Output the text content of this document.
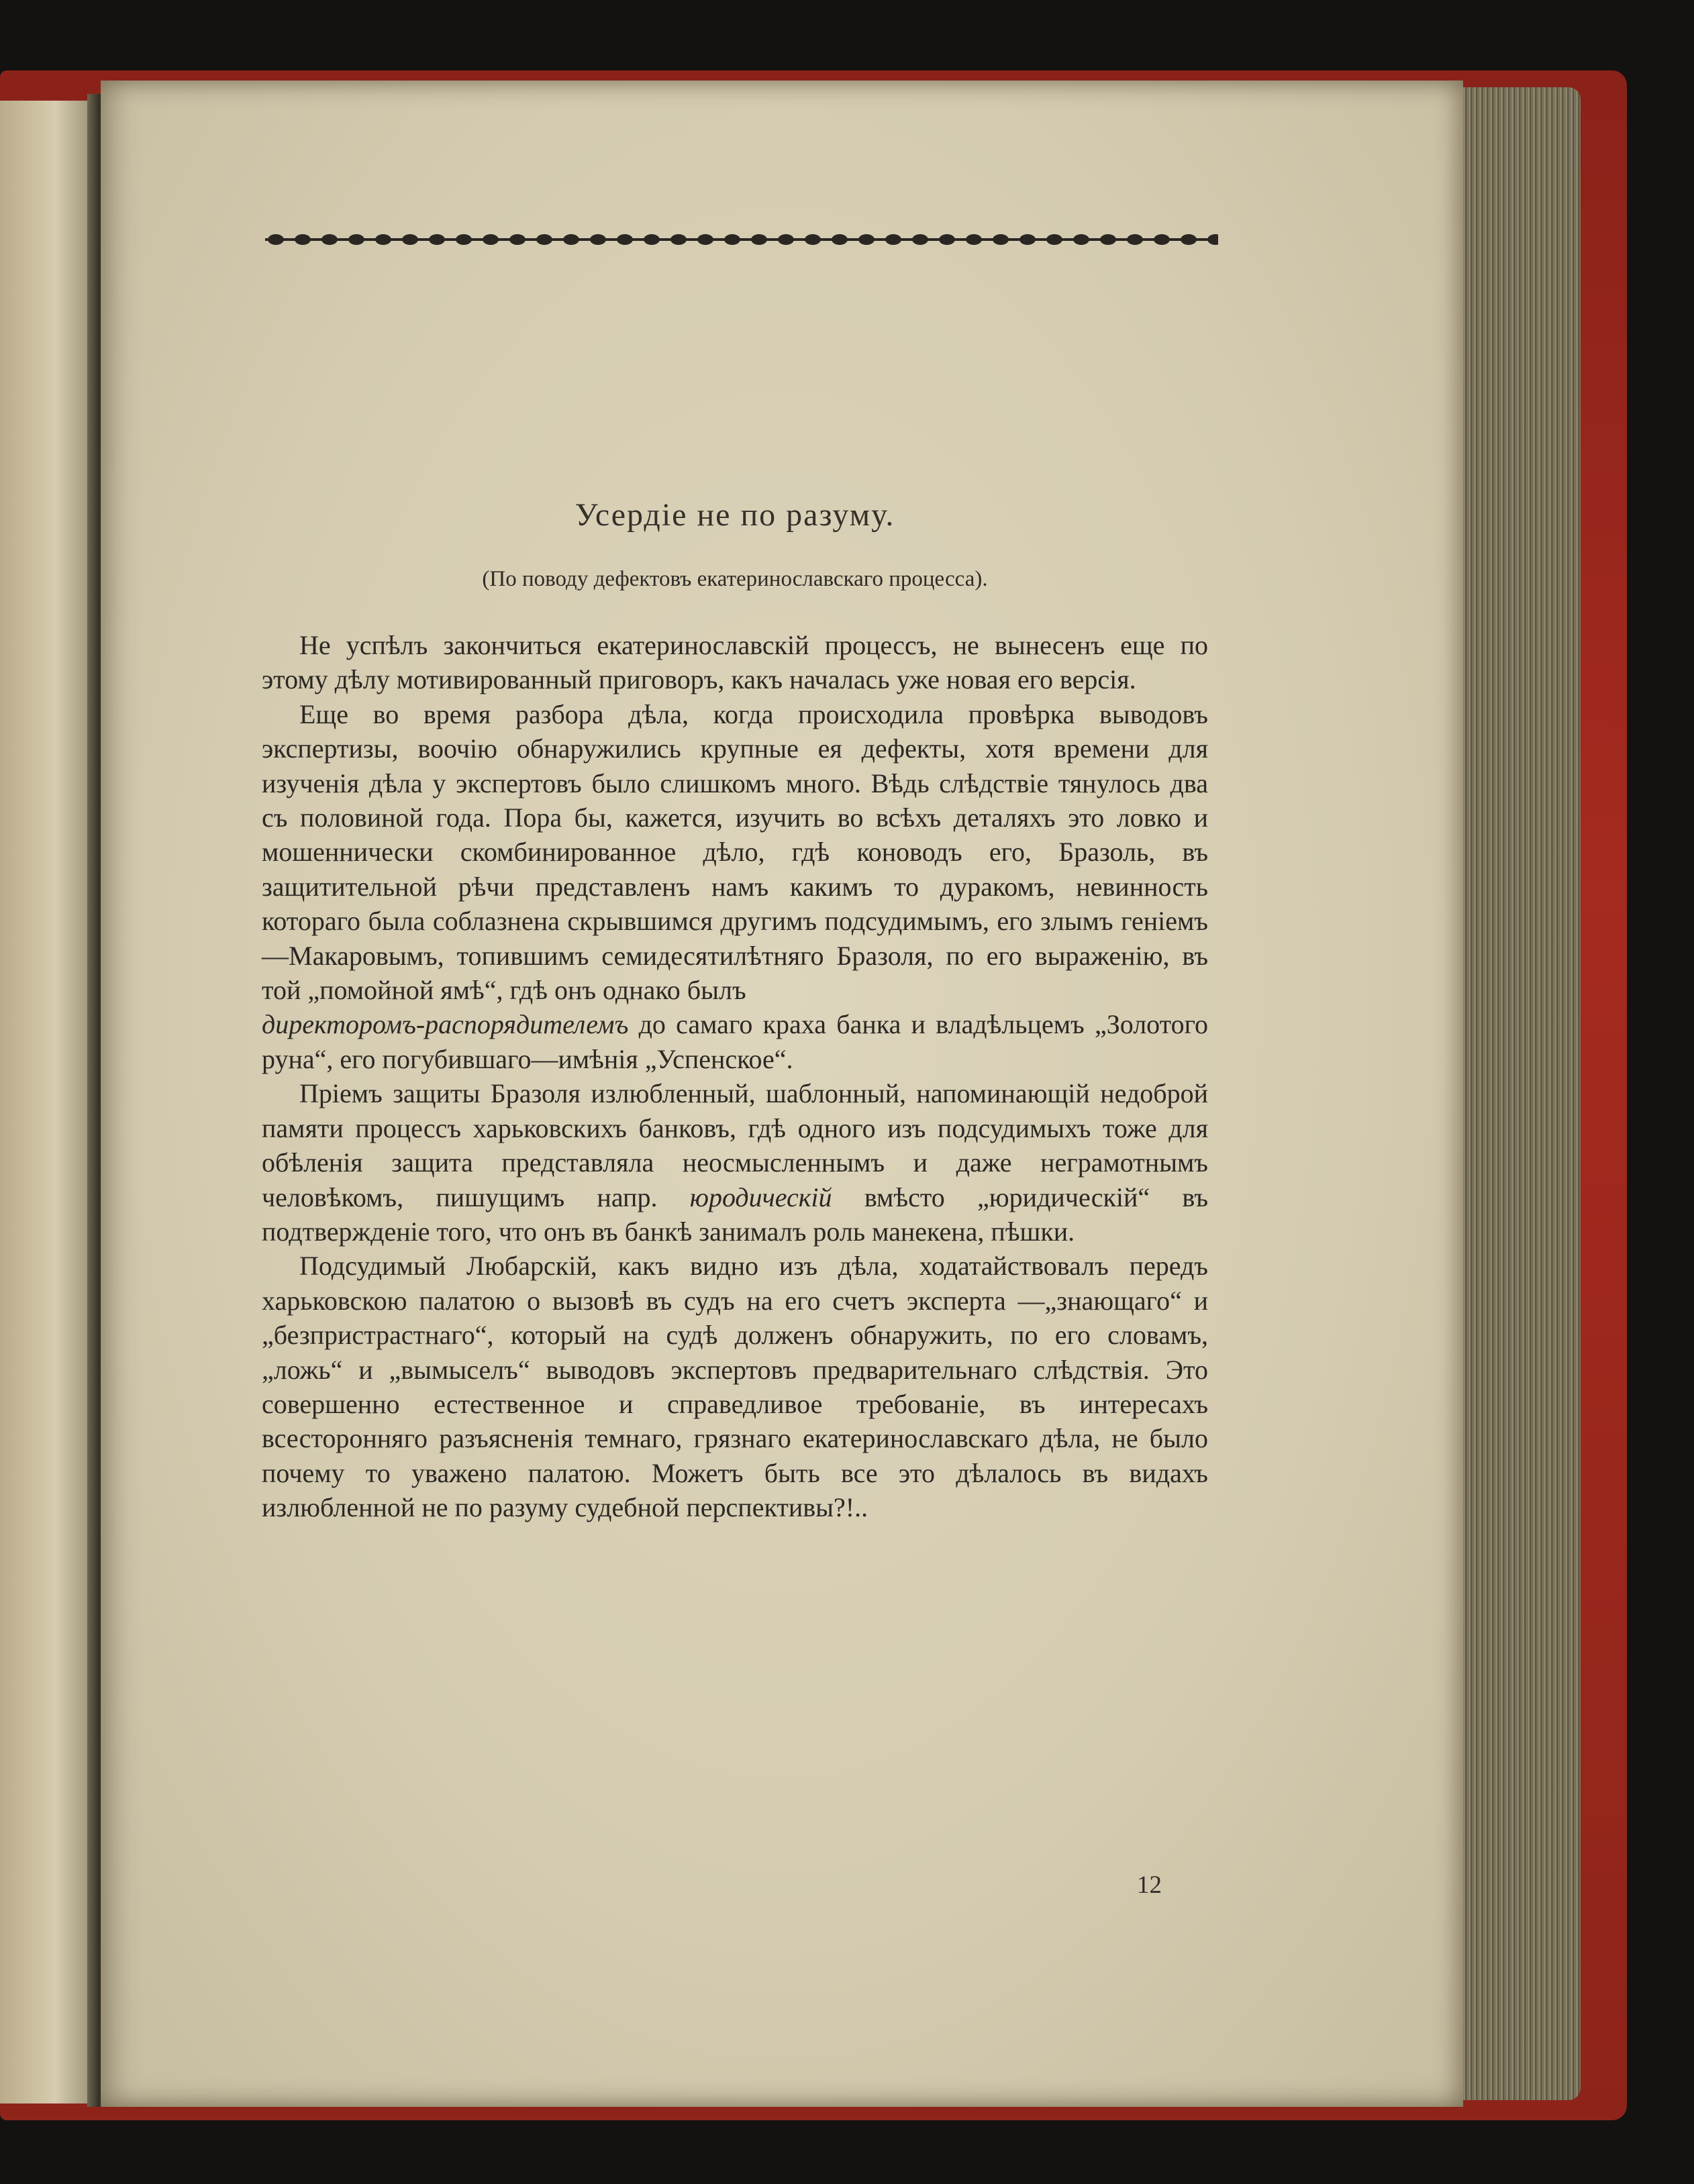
Усердіе не по разуму.
(По поводу дефектовъ екатеринославскаго процесса).

Не успѣлъ закончиться екатеринославскій процессъ, не вынесенъ еще по этому дѣлу мотивированный приговоръ, какъ началась уже новая его версія.

Еще во время разбора дѣла, когда происходила провѣрка выводовъ экспертизы, воочію обнаружились крупные ея дефекты, хотя времени для изученія дѣла у экспертовъ было слишкомъ много. Вѣдь слѣдствіе тянулось два съ половиной года. Пора бы, кажется, изучить во всѣхъ деталяхъ это ловко и мошеннически скомбинированное дѣло, гдѣ коноводъ его, Бразоль, въ защитительной рѣчи представленъ намъ какимъ то дуракомъ, невинность котораго была соблазнена скрывшимся другимъ подсудимымъ, его злымъ геніемъ—Макаровымъ, топившимъ семидесятилѣтняго Бразоля, по его выраженію, въ той „помойной ямѣ“, гдѣ онъ однако былъ

директоромъ-распорядителемъ до самаго краха банка и владѣльцемъ „Золотого руна“, его погубившаго—имѣнія „Успенское“.

Пріемъ защиты Бразоля излюбленный, шаблонный, напоминающій недоброй памяти процессъ харьковскихъ банковъ, гдѣ одного изъ подсудимыхъ тоже для обѣленія защита представляла неосмысленнымъ и даже неграмотнымъ человѣкомъ, пишущимъ напр. юродическій вмѣсто „юридическій“ въ подтвержденіе того, что онъ въ банкѣ занималъ роль манекена, пѣшки.

Подсудимый Любарскій, какъ видно изъ дѣла, ходатайствовалъ передъ харьковскою палатою о вызовѣ въ судъ на его счетъ эксперта —„знающаго“ и „безпристрастнаго“, который на судѣ долженъ обнаружить, по его словамъ, „ложь“ и „вымыселъ“ выводовъ экспертовъ предварительнаго слѣдствія. Это совершенно естественное и справедливое требованіе, въ интересахъ всесторонняго разъясненія темнаго, грязнаго екатеринославскаго дѣла, не было почему то уважено палатою. Можетъ быть все это дѣлалось въ видахъ излюбленной не по разуму судебной перспективы?!..

12
